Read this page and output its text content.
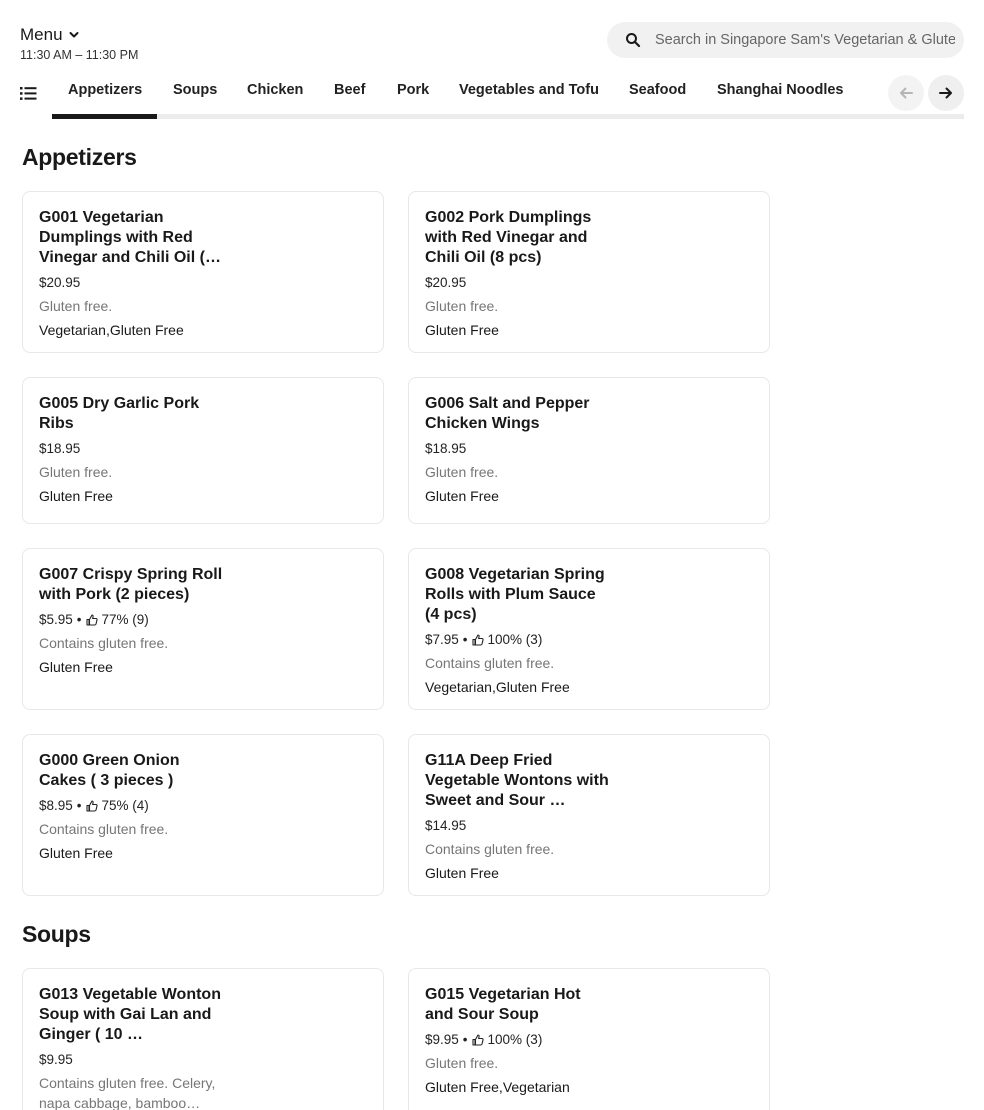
Menu
11:30 AM – 11:30 PM
Search in Singapore Sam's Vegetarian & Glute
Appetizers Soups Chicken Beef Pork Vegetables and Tofu Seafood Shanghai Noodles
Appetizers
G001 Vegetarian Dumplings with Red Vinegar and Chili Oil (…
$20.95
Gluten free.
Vegetarian,Gluten Free
G002 Pork Dumplings with Red Vinegar and Chili Oil (8 pcs)
$20.95
Gluten free.
Gluten Free
G005 Dry Garlic Pork Ribs
$18.95
Gluten free.
Gluten Free
G006 Salt and Pepper Chicken Wings
$18.95
Gluten free.
Gluten Free
G007 Crispy Spring Roll with Pork (2 pieces)
$5.95 • 77% (9)
Contains gluten free.
Gluten Free
G008 Vegetarian Spring Rolls with Plum Sauce (4 pcs)
$7.95 • 100% (3)
Contains gluten free.
Vegetarian,Gluten Free
G000 Green Onion Cakes ( 3 pieces )
$8.95 • 75% (4)
Contains gluten free.
Gluten Free
G11A Deep Fried Vegetable Wontons with Sweet and Sour …
$14.95
Contains gluten free.
Gluten Free
Soups
G013 Vegetable Wonton Soup with Gai Lan and Ginger ( 10 …
$9.95
Contains gluten free. Celery, napa cabbage, bamboo…
G015 Vegetarian Hot and Sour Soup
$9.95 • 100% (3)
Gluten free.
Gluten Free,Vegetarian
